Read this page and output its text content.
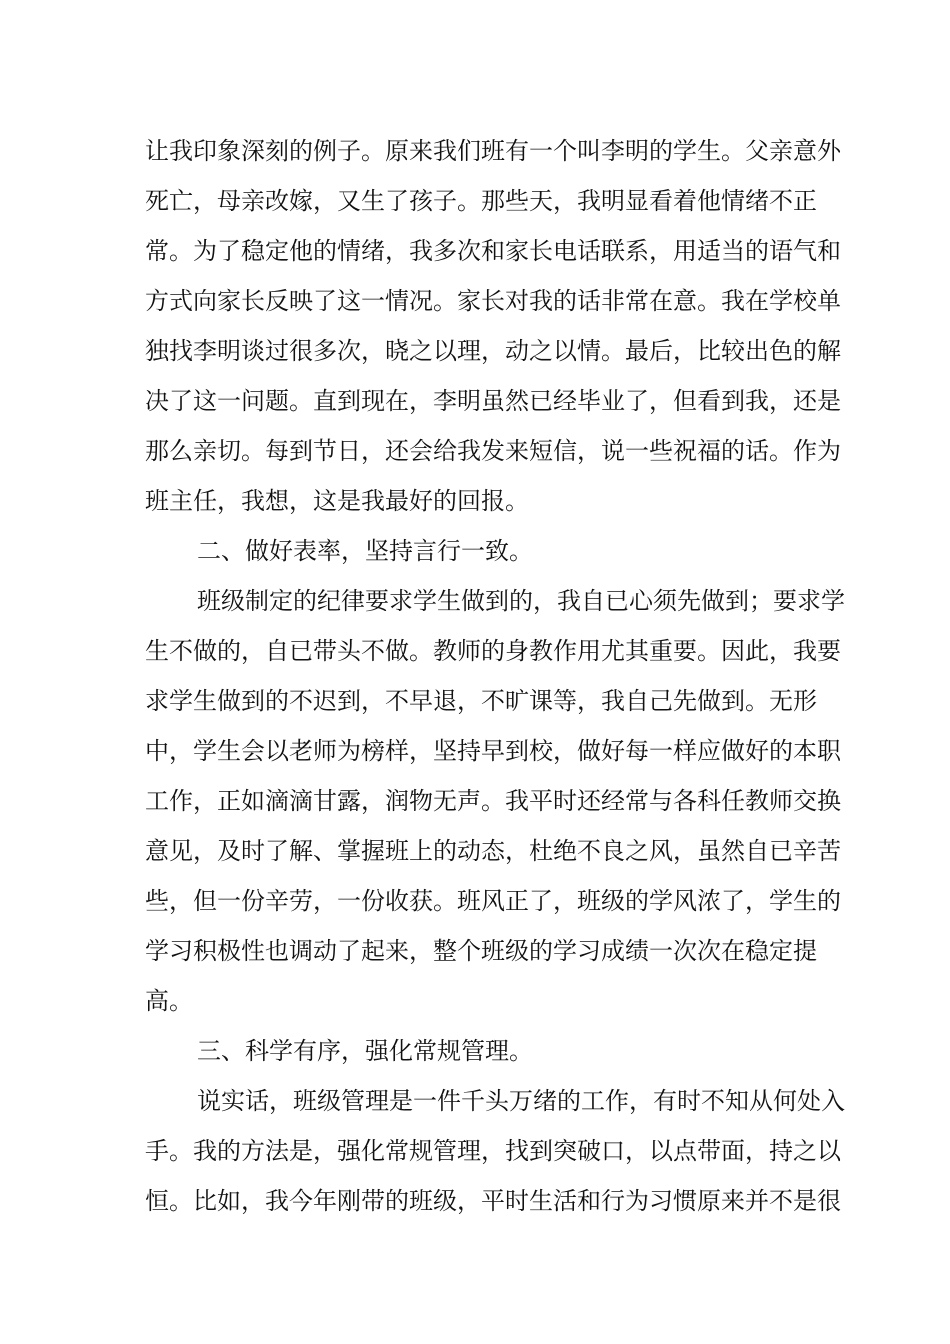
让我印象深刻的例子。原来我们班有一个叫李明的学生。父亲意外
死亡，母亲改嫁，又生了孩子。那些天，我明显看着他情绪不正
常。为了稳定他的情绪，我多次和家长电话联系，用适当的语气和
方式向家长反映了这一情况。家长对我的话非常在意。我在学校单
独找李明谈过很多次，晓之以理，动之以情。最后，比较出色的解
决了这一问题。直到现在，李明虽然已经毕业了，但看到我，还是
那么亲切。每到节日，还会给我发来短信，说一些祝福的话。作为
班主任，我想，这是我最好的回报。
二、做好表率，坚持言行一致。
班级制定的纪律要求学生做到的，我自已心须先做到；要求学
生不做的，自已带头不做。教师的身教作用尤其重要。因此，我要
求学生做到的不迟到，不早退，不旷课等，我自己先做到。无形
中，学生会以老师为榜样，坚持早到校，做好每一样应做好的本职
工作，正如滴滴甘露，润物无声。我平时还经常与各科任教师交换
意见，及时了解、掌握班上的动态，杜绝不良之风，虽然自已辛苦
些，但一份辛劳，一份收获。班风正了，班级的学风浓了，学生的
学习积极性也调动了起来，整个班级的学习成绩一次次在稳定提
高。
三、科学有序，强化常规管理。
说实话，班级管理是一件千头万绪的工作，有时不知从何处入
手。我的方法是，强化常规管理，找到突破口，以点带面，持之以
恒。比如，我今年刚带的班级，平时生活和行为习惯原来并不是很
